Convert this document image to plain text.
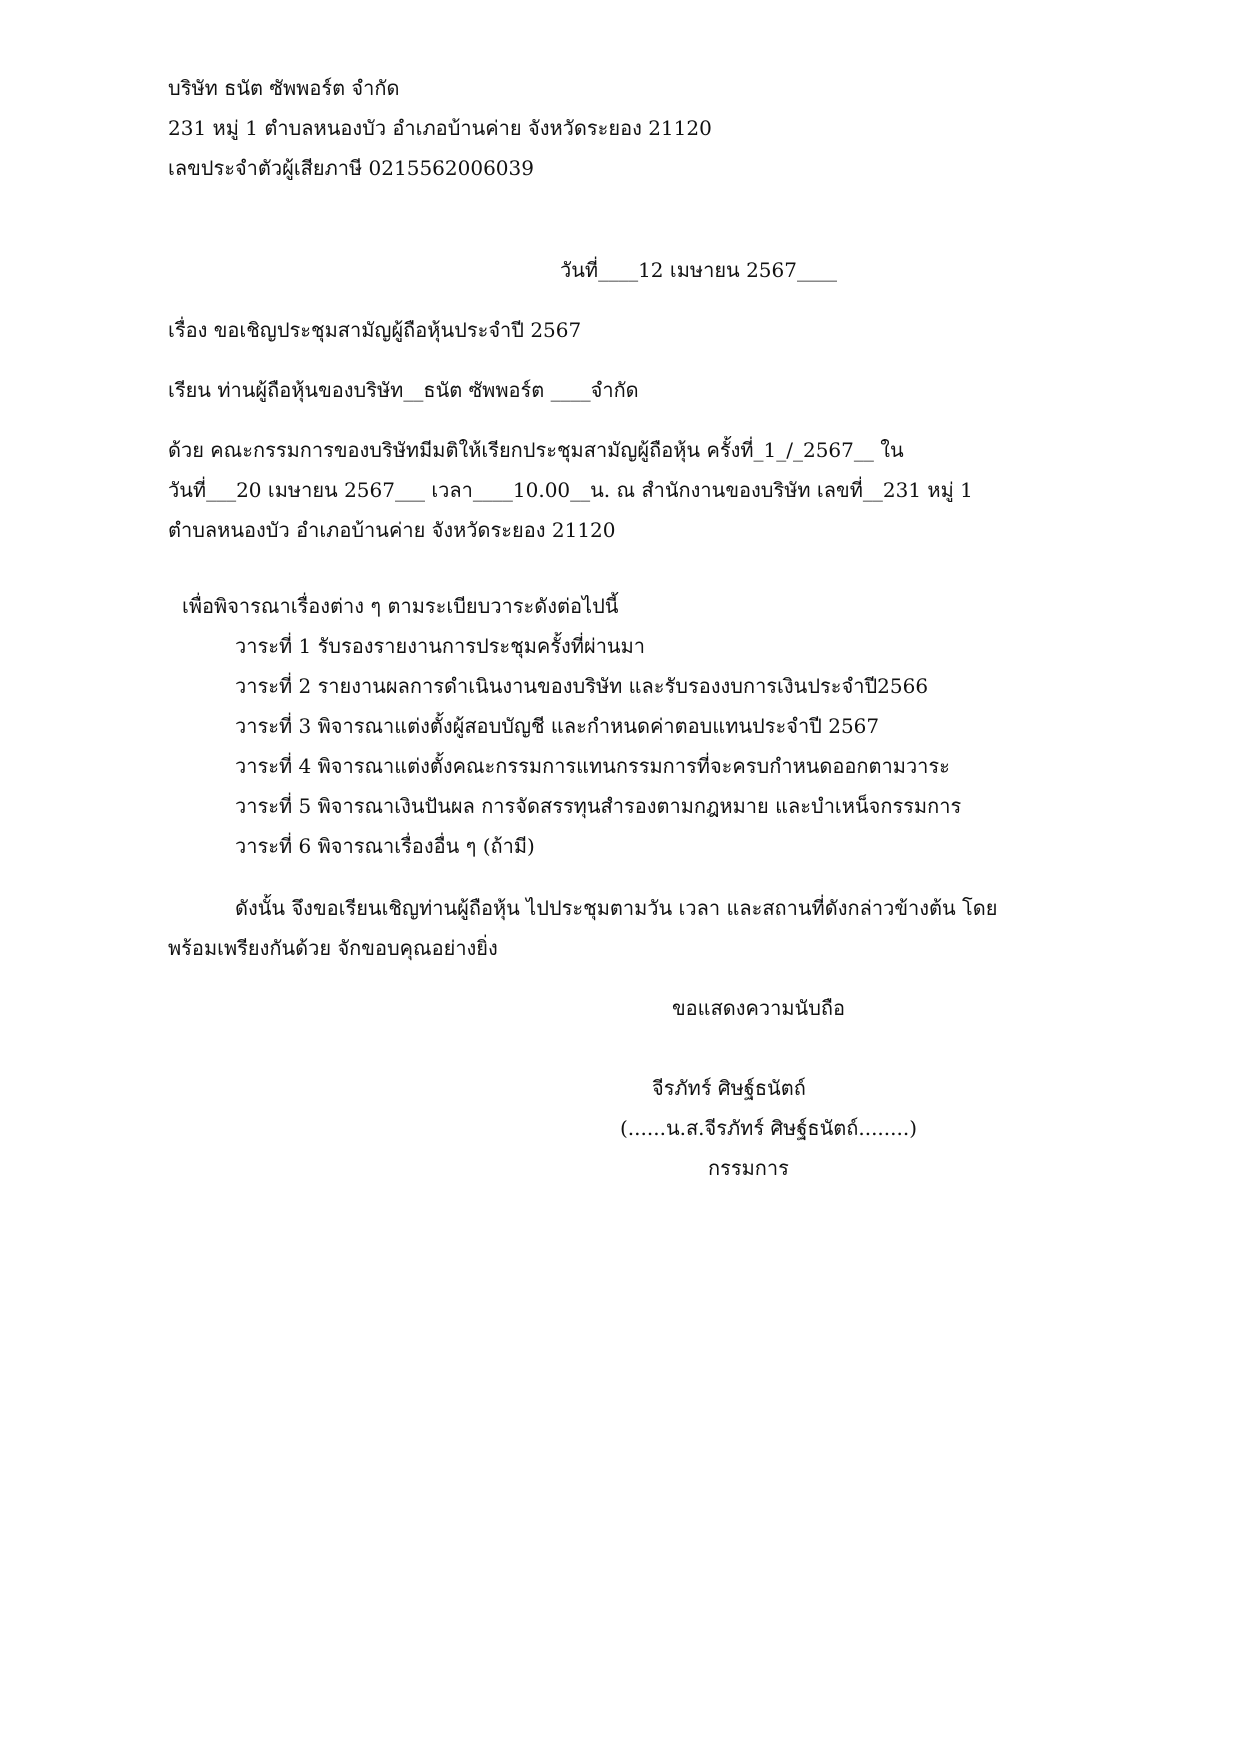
บริษัท ธนัต ซัพพอร์ต จำกัด
231 หมู่ 1 ตำบลหนองบัว อำเภอบ้านค่าย จังหวัดระยอง 21120
เลขประจำตัวผู้เสียภาษี 0215562006039
วันที่____12 เมษายน 2567____
เรื่อง ขอเชิญประชุมสามัญผู้ถือหุ้นประจำปี 2567
เรียน ท่านผู้ถือหุ้นของบริษัท__ธนัต ซัพพอร์ต ____จำกัด
ด้วย คณะกรรมการของบริษัทมีมติให้เรียกประชุมสามัญผู้ถือหุ้น ครั้งที่_1_/_2567__ ใน
วันที่___20 เมษายน 2567___ เวลา____10.00__น. ณ สำนักงานของบริษัท เลขที่__231 หมู่ 1
ตำบลหนองบัว อำเภอบ้านค่าย จังหวัดระยอง 21120
เพื่อพิจารณาเรื่องต่าง ๆ ตามระเบียบวาระดังต่อไปนี้
วาระที่ 1 รับรองรายงานการประชุมครั้งที่ผ่านมา
วาระที่ 2 รายงานผลการดำเนินงานของบริษัท และรับรองงบการเงินประจำปี2566
วาระที่ 3 พิจารณาแต่งตั้งผู้สอบบัญชี และกำหนดค่าตอบแทนประจำปี 2567
วาระที่ 4 พิจารณาแต่งตั้งคณะกรรมการแทนกรรมการที่จะครบกำหนดออกตามวาระ
วาระที่ 5 พิจารณาเงินปันผล การจัดสรรทุนสำรองตามกฎหมาย และบำเหน็จกรรมการ
วาระที่ 6 พิจารณาเรื่องอื่น ๆ (ถ้ามี)
ดังนั้น จึงขอเรียนเชิญท่านผู้ถือหุ้น ไปประชุมตามวัน เวลา และสถานที่ดังกล่าวข้างต้น โดย
พร้อมเพรียงกันด้วย จักขอบคุณอย่างยิ่ง
ขอแสดงความนับถือ
จีรภัทร์ ศิษฐ์ธนัตถ์
(......น.ส.จีรภัทร์ ศิษฐ์ธนัตถ์........)
กรรมการ
